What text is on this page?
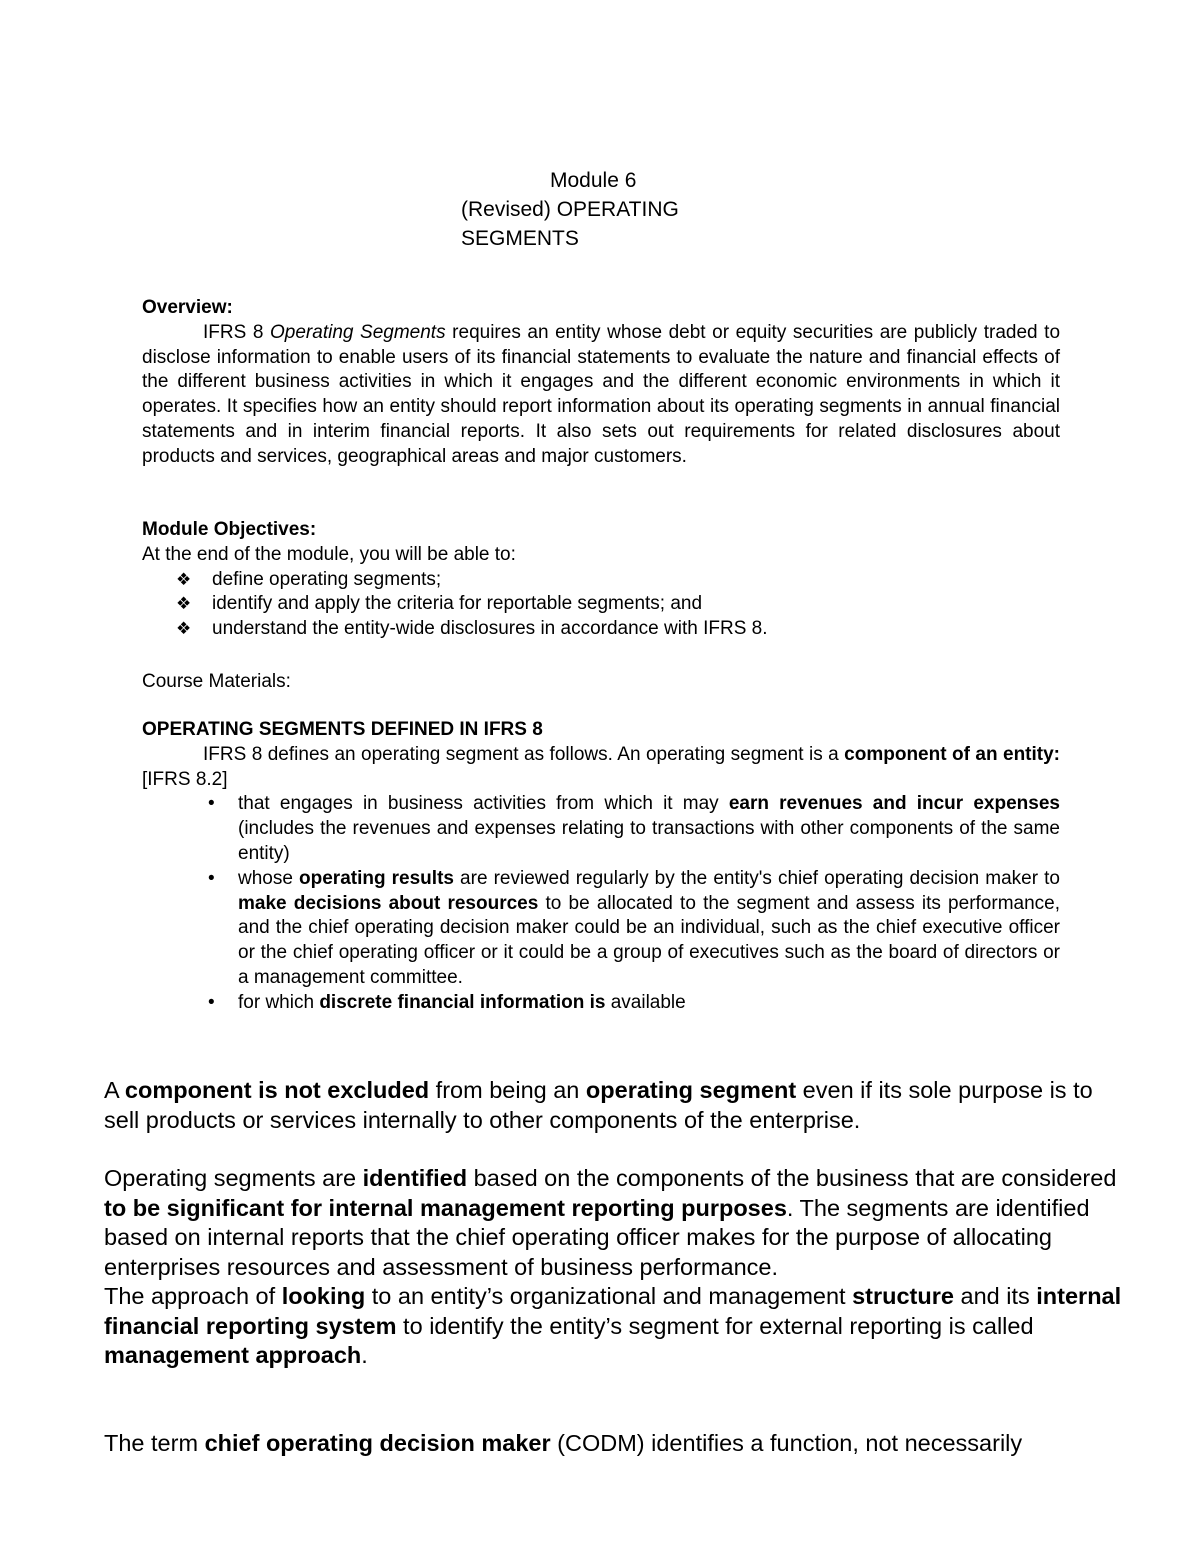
Module 6
(Revised) OPERATING
SEGMENTS

Overview:

IFRS 8 Operating Segments requires an entity whose debt or equity securities are publicly traded to disclose information to enable users of its financial statements to evaluate the nature and financial effects of the different business activities in which it engages and the different economic environments in which it operates. It specifies how an entity should report information about its operating segments in annual financial statements and in interim financial reports. It also sets out requirements for related disclosures about products and services, geographical areas and major customers.

Module Objectives:

At the end of the module, you will be able to:

❖ define operating segments;
❖ identify and apply the criteria for reportable segments; and
❖ understand the entity-wide disclosures in accordance with IFRS 8.
Course Materials:

OPERATING SEGMENTS DEFINED IN IFRS 8

IFRS 8 defines an operating segment as follows. An operating segment is a component of an entity: [IFRS 8.2]

• that engages in business activities from which it may earn revenues and incur expenses (includes the revenues and expenses relating to transactions with other components of the same entity)
• whose operating results are reviewed regularly by the entity's chief operating decision maker to make decisions about resources to be allocated to the segment and assess its performance, and the chief operating decision maker could be an individual, such as the chief executive officer or the chief operating officer or it could be a group of executives such as the board of directors or a management committee.
• for which discrete financial information is available

A component is not excluded from being an operating segment even if its sole purpose is to sell products or services internally to other components of the enterprise.

Operating segments are identified based on the components of the business that are considered to be significant for internal management reporting purposes. The segments are identified based on internal reports that the chief operating officer makes for the purpose of allocating enterprises resources and assessment of business performance.

The approach of looking to an entity’s organizational and management structure and its internal financial reporting system to identify the entity’s segment for external reporting is called management approach.

The term chief operating decision maker (CODM) identifies a function, not necessarily
